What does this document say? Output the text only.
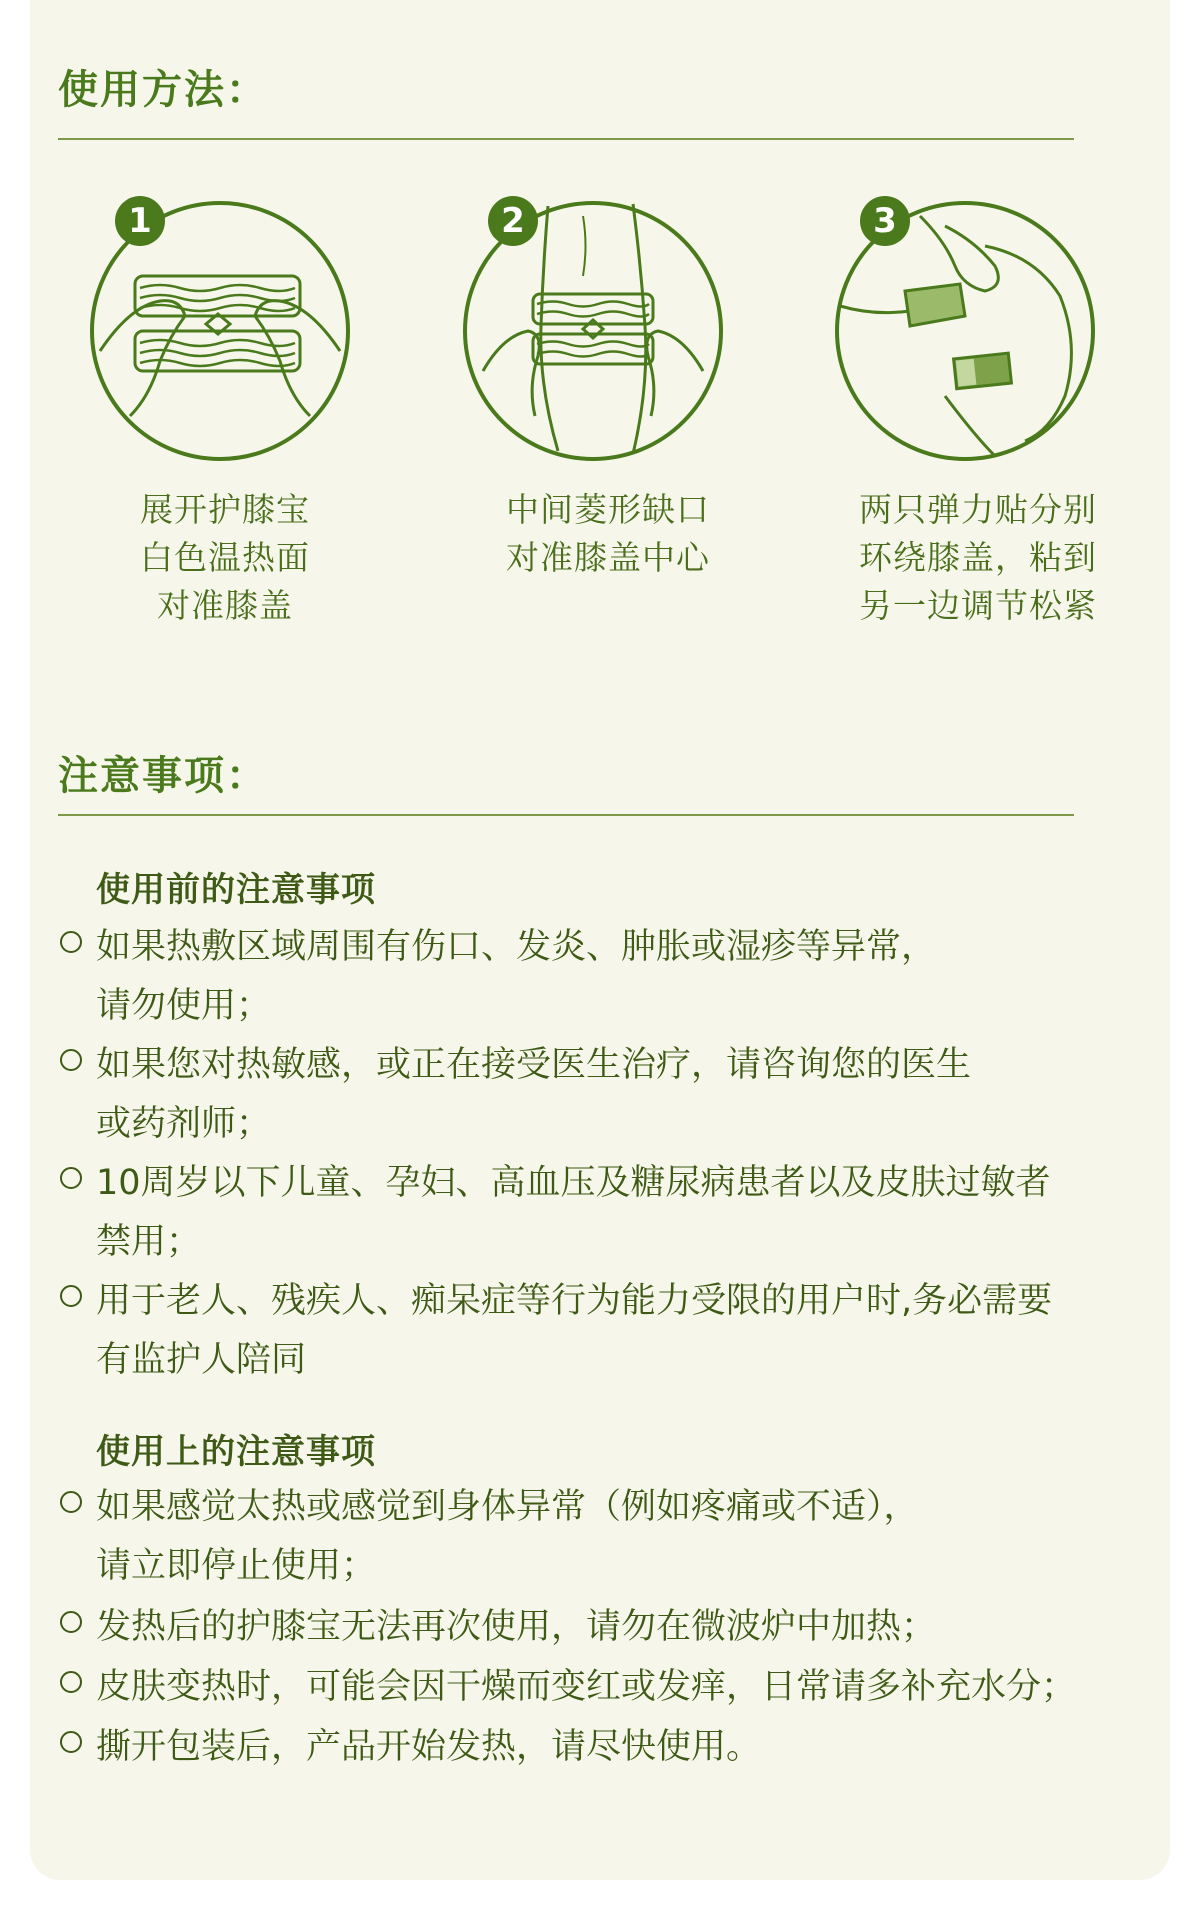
使用方法：
1
展开护膝宝
白色温热面
对准膝盖
2
中间菱形缺口
对准膝盖中心
3
两只弹力贴分别
环绕膝盖，粘到
另一边调节松紧
注意事项：
使用前的注意事项
如果热敷区域周围有伤口、发炎、肿胀或湿疹等异常，
请勿使用；
如果您对热敏感，或正在接受医生治疗，请咨询您的医生
或药剂师；
10周岁以下儿童、孕妇、高血压及糖尿病患者以及皮肤过敏者
禁用；
用于老人、残疾人、痴呆症等行为能力受限的用户时,务必需要
有监护人陪同
使用上的注意事项
如果感觉太热或感觉到身体异常（例如疼痛或不适），
请立即停止使用；
发热后的护膝宝无法再次使用，请勿在微波炉中加热；
皮肤变热时，可能会因干燥而变红或发痒，日常请多补充水分；
撕开包装后，产品开始发热，请尽快使用。
